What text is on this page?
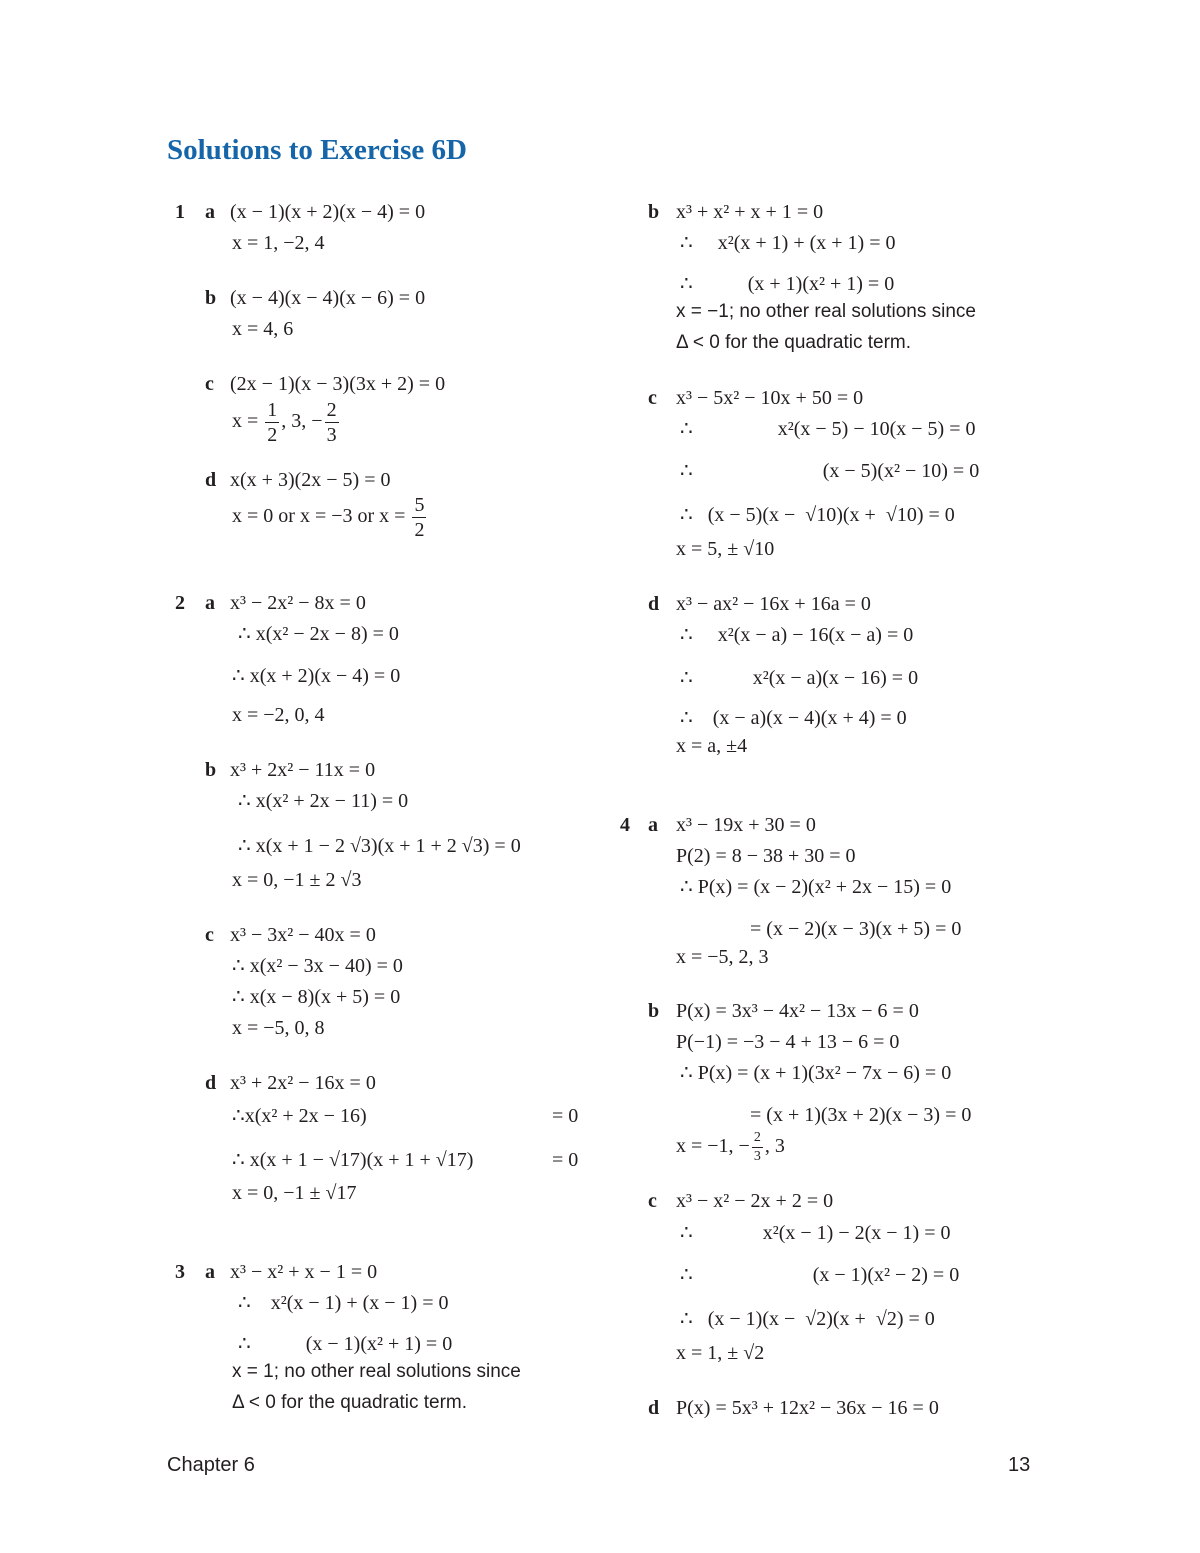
Solutions to Exercise 6D
1 a (x − 1)(x + 2)(x − 4) = 0
x = 1, −2, 4
b (x − 4)(x − 4)(x − 6) = 0
x = 4, 6
c (2x − 1)(x − 3)(3x + 2) = 0
$x = \frac{1}{2}$ , 3, − $\frac{2}{3}$
d x(x + 3)(2x − 5) = 0
x = 0 or x = −3 or $x = \frac{5}{2}$
2 a x³ − 2x² − 8x = 0
∴ x(x² − 2x − 8) = 0
∴ x(x + 2)(x − 4) = 0
x = −2, 0, 4
b x³ + 2x² − 11x = 0
∴ x(x² + 2x − 11) = 0
∴ x(x + 1 − 2 √3)(x + 1 + 2 √3) = 0
x = 0, −1 ± 2 √3
c x³ − 3x² − 40x = 0
∴ x(x² − 3x − 40) = 0
∴ x(x − 8)(x + 5) = 0
x = −5, 0, 8
d x³ + 2x² − 16x = 0
∴x(x² + 2x − 16)	= 0
∴ x(x + 1 − √17)(x + 1 + √17)	= 0
x = 0, −1 ± √17
3 a x³ − x² + x − 1 = 0
∴    x²(x − 1) + (x − 1) = 0
∴           (x − 1)(x² + 1) = 0
x = 1; no other real solutions since
Δ < 0 for the quadratic term.
b x³ + x² + x + 1 = 0
∴     x²(x + 1) + (x + 1) = 0
∴           (x + 1)(x² + 1) = 0
x = −1; no other real solutions since
Δ < 0 for the quadratic term.
c x³ − 5x² − 10x + 50 = 0
∴                 x²(x − 5) − 10(x − 5) = 0
∴                          (x − 5)(x² − 10) = 0
∴   (x − 5)(x −  √10)(x +  √10) = 0
x = 5, ± √10
d x³ − ax² − 16x + 16a = 0
∴     x²(x − a) − 16(x − a) = 0
∴            x²(x − a)(x − 16) = 0
∴    (x − a)(x − 4)(x + 4) = 0
x = a, ±4
4 a x³ − 19x + 30 = 0
P(2) = 8 − 38 + 30 = 0
∴ P(x) = (x − 2)(x² + 2x − 15) = 0
= (x − 2)(x − 3)(x + 5) = 0
x = −5, 2, 3
b P(x) = 3x³ − 4x² − 13x − 6 = 0
P(−1) = −3 − 4 + 13 − 6 = 0
∴ P(x) = (x + 1)(3x² − 7x − 6) = 0
= (x + 1)(3x + 2)(x − 3) = 0
x = −1, − $\frac{2}{3}$ , 3
c x³ − x² − 2x + 2 = 0
∴              x²(x − 1) − 2(x − 1) = 0
∴                        (x − 1)(x² − 2) = 0
∴   (x − 1)(x −  √2)(x +  √2) = 0
x = 1, ± √2
d P(x) = 5x³ + 12x² − 36x − 16 = 0
Chapter 6	13
